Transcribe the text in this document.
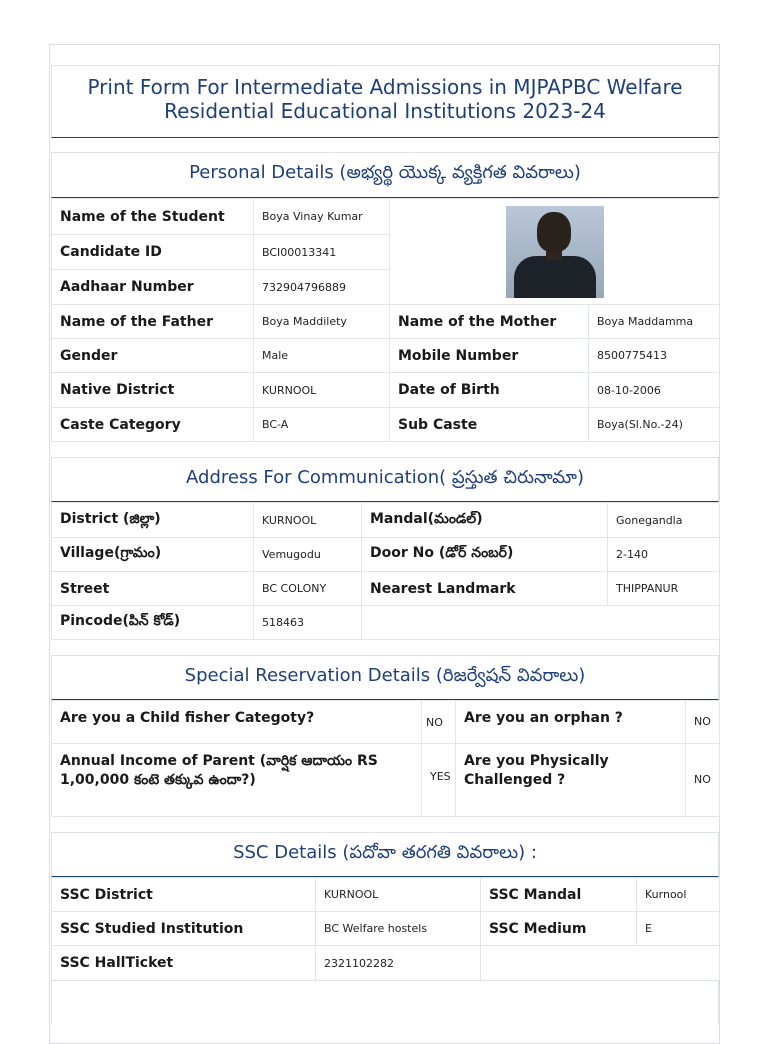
Print Form For Intermediate Admissions in MJPAPBC Welfare
Residential Educational Institutions 2023-24
Personal Details (అభ్యర్థి యొక్క వ్యక్తిగత వివరాలు)
Name of the Student	Boya Vinay Kumar		

Candidate ID	BCI00013341		
Aadhaar Number	732904796889		
Name of the Father	Boya Maddilety	Name of the Mother	Boya Maddamma
Gender	Male	Mobile Number	8500775413
Native District	KURNOOL	Date of Birth	08-10-2006
Caste Category	BC-A	Sub Caste	Boya(Sl.No.-24)
Address For Communication( ప్రస్తుత చిరునామా)
District (జిల్లా)	KURNOOL	Mandal(మండల్)	Gonegandla
Village(గ్రామం)	Vemugodu	Door No (డోర్ నంబర్)	2-140
Street	BC COLONY	Nearest Landmark	THIPPANUR
Pincode(పిన్ కోడ్)	518463		
Special Reservation Details (రిజర్వేషన్ వివరాలు)
Are you a Child fisher Categoty?	NO	Are you an orphan ?	NO
Annual Income of Parent (వార్షిక ఆదాయం RS 1,00,000 కంటె తక్కువ ఉందా?)	YES	Are you Physically Challenged ?	NO
SSC Details (పదోవా తరగతి వివరాలు) :
SSC District	KURNOOL	SSC Mandal	Kurnool
SSC Studied Institution	BC Welfare hostels	SSC Medium	E
SSC HallTicket	2321102282		
